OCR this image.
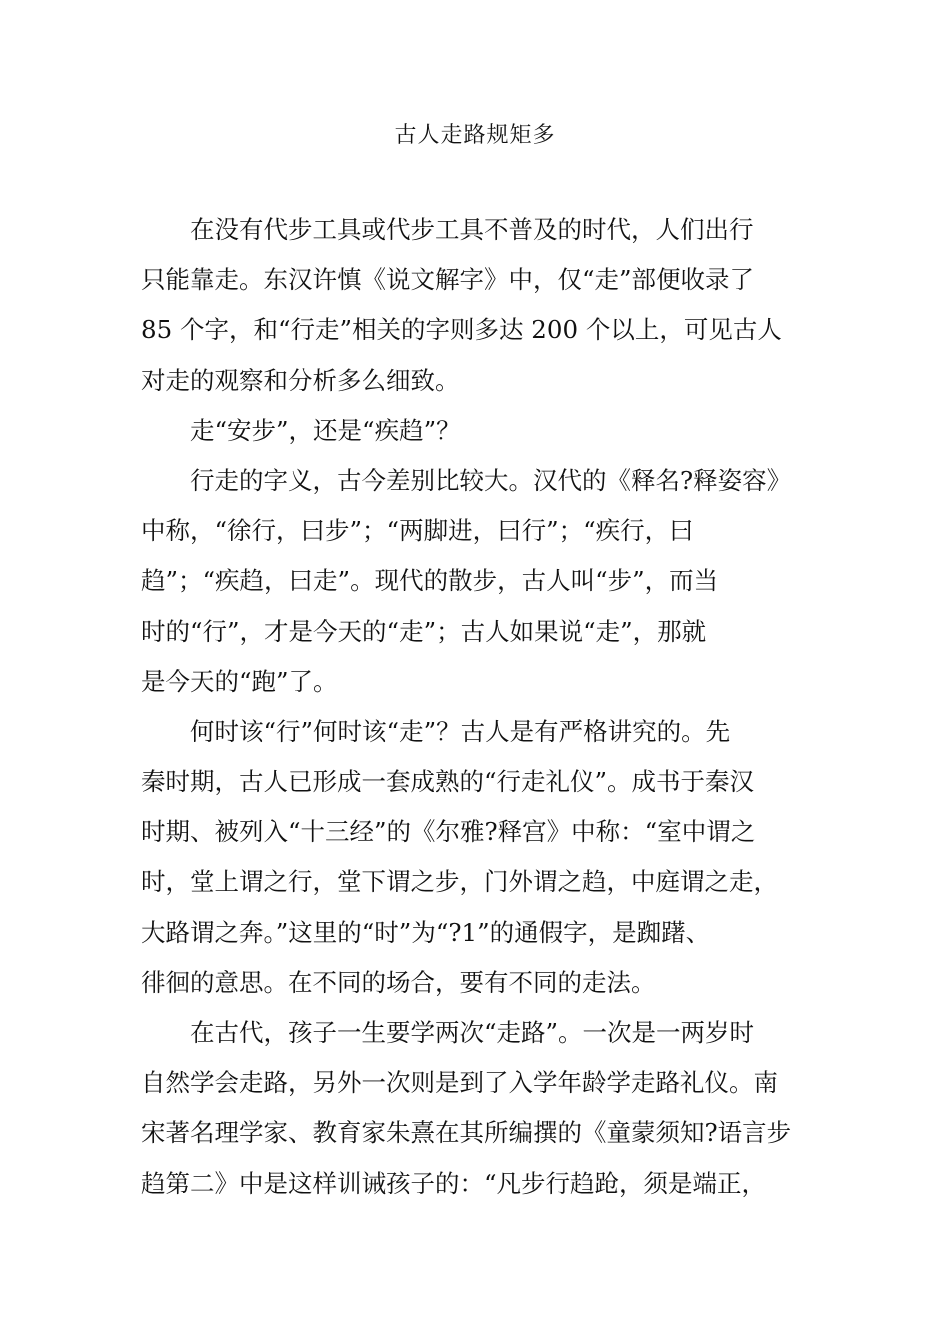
古人走路规矩多
　　在没有代步工具或代步工具不普及的时代，人们出行
只能靠走。东汉许慎《说文解字》中，仅“走”部便收录了
85 个字，和“行走”相关的字则多达 200 个以上，可见古人
对走的观察和分析多么细致。
　　走“安步”，还是“疾趋”？
　　行走的字义，古今差别比较大。汉代的《释名?释姿容》
中称，“徐行，曰步”；“两脚进，曰行”；“疾行，曰
趋”；“疾趋，曰走”。现代的散步，古人叫“步”，而当
时的“行”，才是今天的“走”；古人如果说“走”，那就
是今天的“跑”了。
　　何时该“行”何时该“走”？古人是有严格讲究的。先
秦时期，古人已形成一套成熟的“行走礼仪”。成书于秦汉
时期、被列入“十三经”的《尔雅?释宫》中称：“室中谓之
时，堂上谓之行，堂下谓之步，门外谓之趋，中庭谓之走，
大路谓之奔。”这里的“时”为“?1”的通假字，是踟躇、
徘徊的意思。在不同的场合，要有不同的走法。
　　在古代，孩子一生要学两次“走路”。一次是一两岁时
自然学会走路，另外一次则是到了入学年龄学走路礼仪。南
宋著名理学家、教育家朱熹在其所编撰的《童蒙须知?语言步
趋第二》中是这样训诫孩子的：“凡步行趋跄，须是端正，
